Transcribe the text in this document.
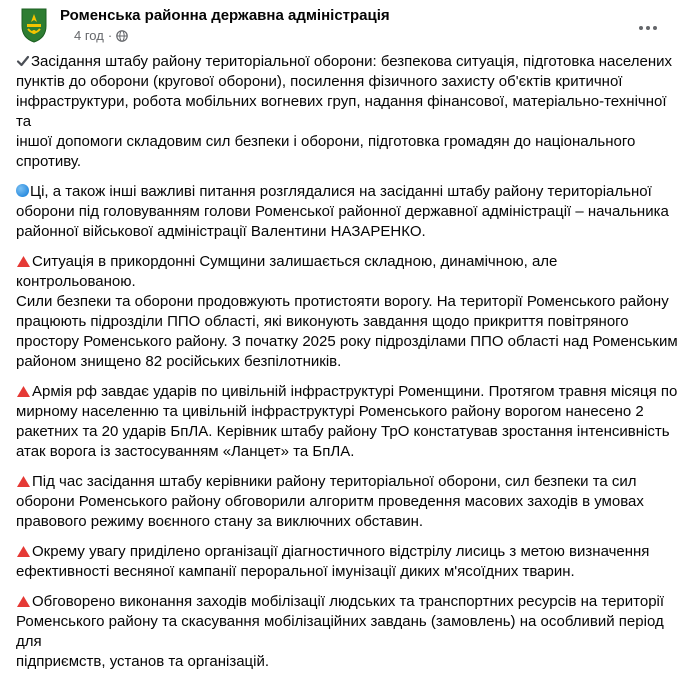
Роменська районна державна адміністрація
4 год ·

Засідання штабу району територіальної оборони: безпекова ситуація, підготовка населених
пунктів до оборони (кругової оборони), посилення фізичного захисту об'єктів критичної
інфраструктури, робота мобільних вогневих груп, надання фінансової, матеріально-технічної та
іншої допомоги складовим сил безпеки і оборони, підготовка громадян до національного
спротиву.

Ці, а також інші важливі питання розглядалися на засіданні штабу району територіальної
оборони під головуванням голови Роменської районної державної адміністрації – начальника
районної військової адміністрації Валентини НАЗАРЕНКО.

Ситуація в прикордонні Сумщини залишається складною, динамічною, але контрольованою.
Сили безпеки та оборони продовжують протистояти ворогу. На території Роменського району
працюють підрозділи ППО області, які виконують завдання щодо прикриття повітряного
простору Роменського району. З початку 2025 року підрозділами ППО області над Роменським
районом знищено 82 російських безпілотників.

Армія рф завдає ударів по цивільній інфраструктурі Роменщини. Протягом травня місяця по
мирному населенню та цивільній інфраструктурі Роменського району ворогом нанесено 2
ракетних та 20 ударів БпЛА. Керівник штабу району ТрО констатував зростання інтенсивність
атак ворога із застосуванням «Ланцет» та БпЛА.

Під час засідання штабу керівники району територіальної оборони, сил безпеки та сил
оборони Роменського району обговорили алгоритм проведення масових заходів в умовах
правового режиму воєнного стану за виключних обставин.

Окрему увагу приділено організації діагностичного відстрілу лисиць з метою визначення
ефективності весняної кампанії пероральної імунізації диких м'ясоїдних тварин.

Обговорено виконання заходів мобілізації людських та транспортних ресурсів на території
Роменського району та скасування мобілізаційних завдань (замовлень) на особливий період для
підприємств, установ та організацій.
